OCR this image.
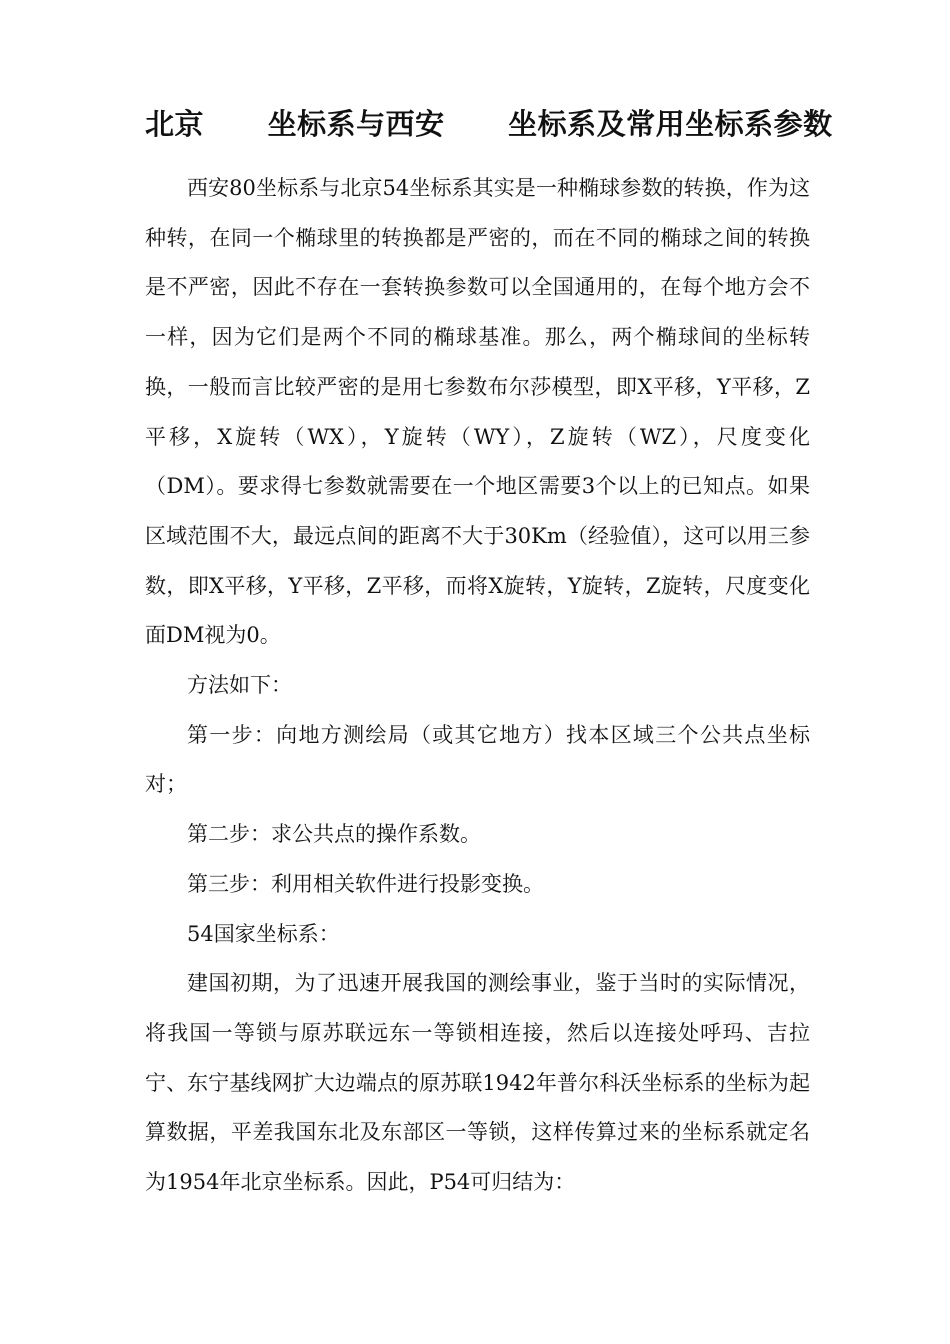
北京      坐标系与西安      坐标系及常用坐标系参数

西安80坐标系与北京54坐标系其实是一种椭球参数的转换，作为这种转，在同一个椭球里的转换都是严密的，而在不同的椭球之间的转换是不严密，因此不存在一套转换参数可以全国通用的，在每个地方会不一样，因为它们是两个不同的椭球基准。那么，两个椭球间的坐标转换，一般而言比较严密的是用七参数布尔莎模型，即X平移，Y平移，Z平移，X旋转（WX），Y旋转（WY），Z旋转（WZ），尺度变化（DM）。要求得七参数就需要在一个地区需要3个以上的已知点。如果区域范围不大，最远点间的距离不大于30Km（经验值），这可以用三参数，即X平移，Y平移，Z平移，而将X旋转，Y旋转，Z旋转，尺度变化面DM视为0。

方法如下：

第一步：向地方测绘局（或其它地方）找本区域三个公共点坐标对；

第二步：求公共点的操作系数。

第三步：利用相关软件进行投影变换。

54国家坐标系：

建国初期，为了迅速开展我国的测绘事业，鉴于当时的实际情况，将我国一等锁与原苏联远东一等锁相连接，然后以连接处呼玛、吉拉宁、东宁基线网扩大边端点的原苏联1942年普尔科沃坐标系的坐标为起算数据，平差我国东北及东部区一等锁，这样传算过来的坐标系就定名为1954年北京坐标系。因此，P54可归结为：
